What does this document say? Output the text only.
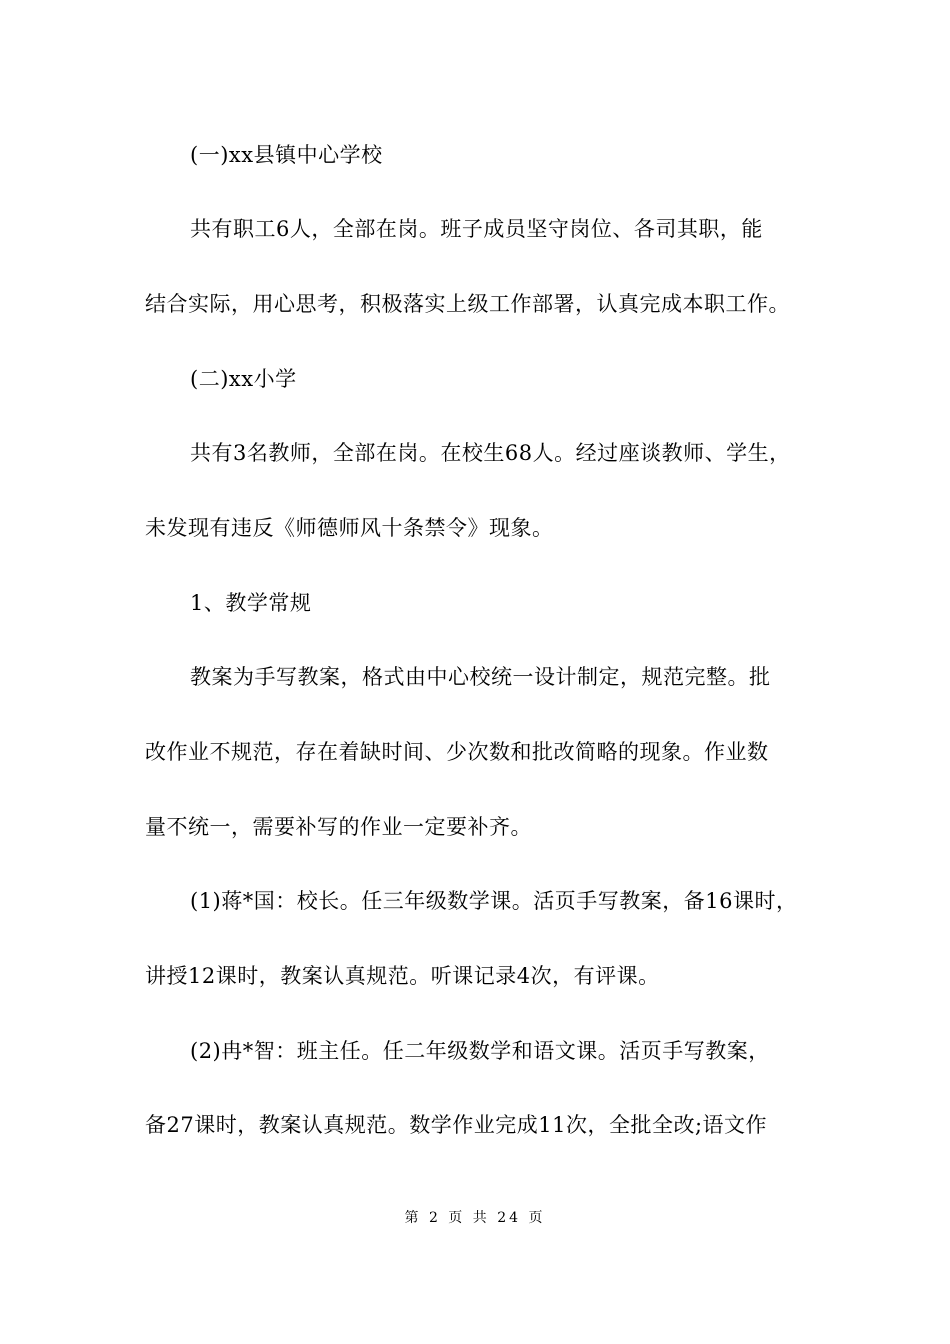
(一)xx县镇中心学校
共有职工6人，全部在岗。班子成员坚守岗位、各司其职，能
结合实际，用心思考，积极落实上级工作部署，认真完成本职工作。
(二)xx小学
共有3名教师，全部在岗。在校生68人。经过座谈教师、学生，
未发现有违反《师德师风十条禁令》现象。
1、教学常规
教案为手写教案，格式由中心校统一设计制定，规范完整。批
改作业不规范，存在着缺时间、少次数和批改简略的现象。作业数
量不统一，需要补写的作业一定要补齐。
(1)蒋*国：校长。任三年级数学课。活页手写教案，备16课时，
讲授12课时，教案认真规范。听课记录4次，有评课。
(2)冉*智：班主任。任二年级数学和语文课。活页手写教案，
备27课时，教案认真规范。数学作业完成11次，全批全改;语文作
第 2 页 共 24 页
